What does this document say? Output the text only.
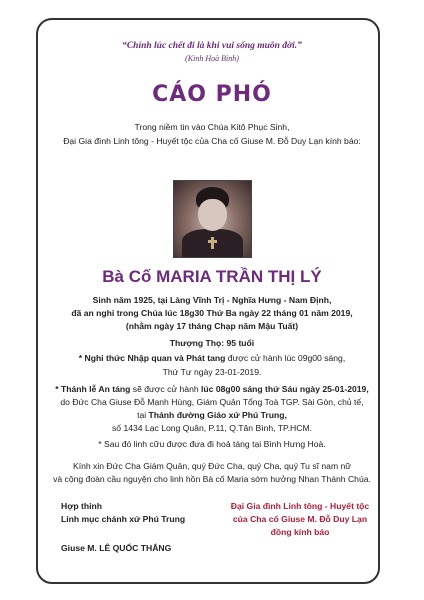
“Chính lúc chết đi là khi vui sống muôn đời.”
(Kinh Hoà Bình)
CÁO PHÓ
Trong niềm tin vào Chúa Kitô Phục Sinh,
Đại Gia đình Linh tông - Huyết tộc của Cha cố Giuse M. Đỗ Duy Lạn kính báo:
Bà Cố MARIA TRẦN THỊ LÝ
Sinh năm 1925, tại Làng Vĩnh Trị - Nghĩa Hưng - Nam Định,
đã an nghỉ trong Chúa lúc 18g30 Thứ Ba ngày 22 tháng 01 năm 2019,
(nhằm ngày 17 tháng Chạp năm Mậu Tuất)
Thượng Thọ: 95 tuổi
* Nghi thức Nhập quan và Phát tang được cử hành lúc 09g00 sáng,
Thứ Tư ngày 23-01-2019.
* Thánh lễ An táng sẽ được cử hành lúc 08g00 sáng thứ Sáu ngày 25-01-2019,
do Đức Cha Giuse Đỗ Mạnh Hùng, Giám Quản Tổng Toà TGP. Sài Gòn, chủ tế,
tại Thánh đường Giáo xứ Phú Trung,
số 1434 Lạc Long Quân, P.11, Q.Tân Bình, TP.HCM.
* Sau đó linh cữu được đưa đi hoả táng tại Bình Hưng Hoà.
Kính xin Đức Cha Giám Quản, quý Đức Cha, quý Cha, quý Tu sĩ nam nữ
và cộng đoàn cầu nguyện cho linh hồn Bà cố Maria sớm hưởng Nhan Thánh Chúa.
Hợp thỉnh
Linh mục chánh xứ Phú Trung
Giuse M. LÊ QUỐC THẮNG
Đại Gia đình Linh tông - Huyết tộc
của Cha cố Giuse M. Đỗ Duy Lạn
đồng kính báo
